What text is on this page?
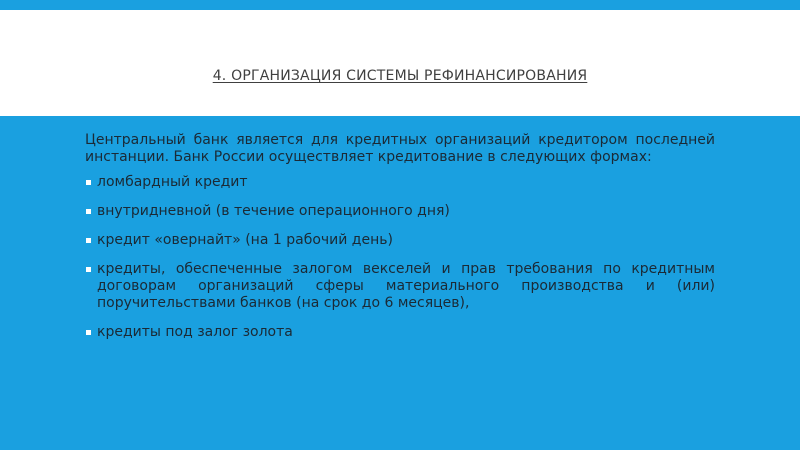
4. ОРГАНИЗАЦИЯ СИСТЕМЫ РЕФИНАНСИРОВАНИЯ

Центральный банк является для кредитных организаций кредитором последней инстанции. Банк России осуществляет кредитование в следующих формах:

ломбардный кредит
внутридневной (в течение операционного дня)
кредит «овернайт» (на 1 рабочий день)
кредиты, обеспеченные залогом векселей и прав требования по кредитным договорам организаций сферы материального производства и (или) поручительствами банков (на срок до 6 месяцев),
кредиты под залог золота
